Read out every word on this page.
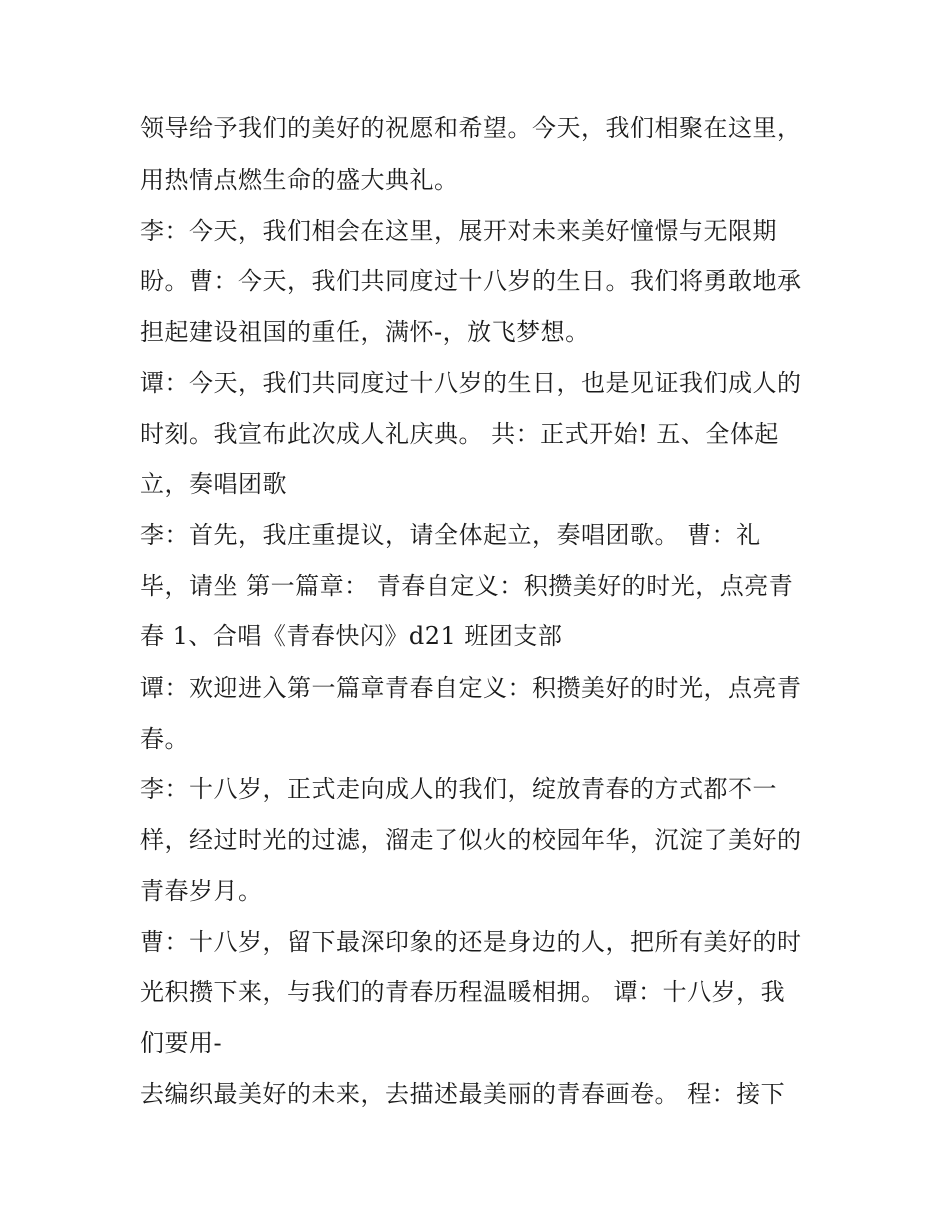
领导给予我们的美好的祝愿和希望。今天，我们相聚在这里，
用热情点燃生命的盛大典礼。
李：今天，我们相会在这里，展开对未来美好憧憬与无限期
盼。曹：今天，我们共同度过十八岁的生日。我们将勇敢地承
担起建设祖国的重任，满怀-，放飞梦想。
谭：今天，我们共同度过十八岁的生日，也是见证我们成人的
时刻。我宣布此次成人礼庆典。 共：正式开始! 五、全体起
立，奏唱团歌
李：首先，我庄重提议，请全体起立，奏唱团歌。 曹：礼
毕，请坐 第一篇章： 青春自定义：积攒美好的时光，点亮青
春 1、合唱《青春快闪》d21 班团支部
谭：欢迎进入第一篇章青春自定义：积攒美好的时光，点亮青
春。
李：十八岁，正式走向成人的我们，绽放青春的方式都不一
样，经过时光的过滤，溜走了似火的校园年华，沉淀了美好的
青春岁月。
曹：十八岁，留下最深印象的还是身边的人，把所有美好的时
光积攒下来，与我们的青春历程温暖相拥。 谭：十八岁，我
们要用-
去编织最美好的未来，去描述最美丽的青春画卷。 程：接下
